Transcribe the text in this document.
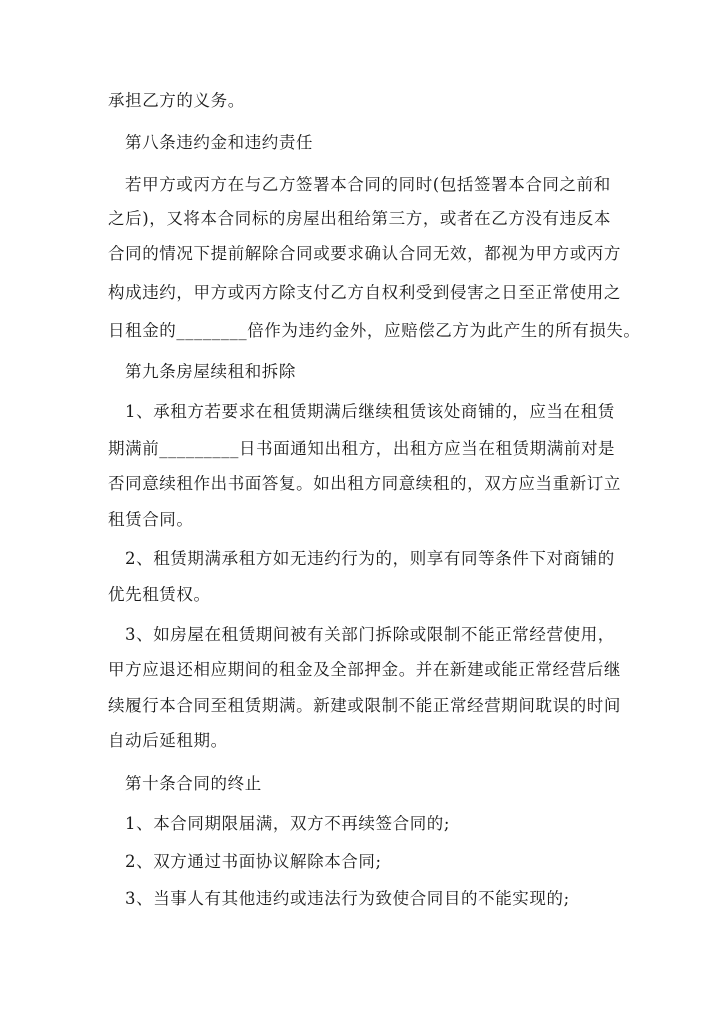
承担乙方的义务。
第八条违约金和违约责任
若甲方或丙方在与乙方签署本合同的同时(包括签署本合同之前和
之后)，又将本合同标的房屋出租给第三方，或者在乙方没有违反本
合同的情况下提前解除合同或要求确认合同无效，都视为甲方或丙方
构成违约，甲方或丙方除支付乙方自权利受到侵害之日至正常使用之
日租金的________倍作为违约金外，应赔偿乙方为此产生的所有损失。
第九条房屋续租和拆除
1、承租方若要求在租赁期满后继续租赁该处商铺的，应当在租赁
期满前_________日书面通知出租方，出租方应当在租赁期满前对是
否同意续租作出书面答复。如出租方同意续租的，双方应当重新订立
租赁合同。
2、租赁期满承租方如无违约行为的，则享有同等条件下对商铺的
优先租赁权。
3、如房屋在租赁期间被有关部门拆除或限制不能正常经营使用，
甲方应退还相应期间的租金及全部押金。并在新建或能正常经营后继
续履行本合同至租赁期满。新建或限制不能正常经营期间耽误的时间
自动后延租期。
第十条合同的终止
1、本合同期限届满，双方不再续签合同的;
2、双方通过书面协议解除本合同;
3、当事人有其他违约或违法行为致使合同目的不能实现的;
